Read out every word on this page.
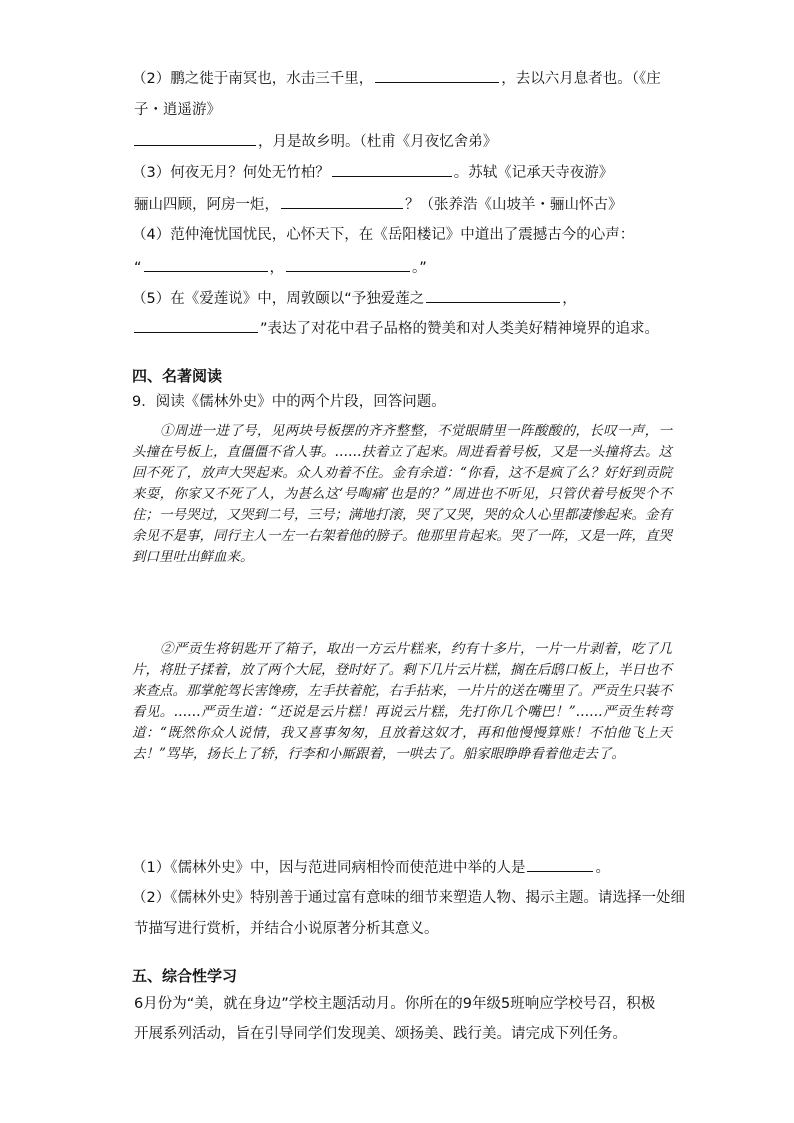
（2）鹏之徙于南冥也，水击三千里，	，去以六月息者也。（《庄
子・逍遥游》
，月是故乡明。（杜甫《月夜忆舍弟》
（3）何夜无月？何处无竹柏？	。苏轼《记承天寺夜游》
骊山四顾，阿房一炬，	？（张养浩《山坡羊・骊山怀古》
（4）范仲淹忧国忧民，心怀天下，在《岳阳楼记》中道出了震撼古今的心声：
“	，	。”
（5）在《爱莲说》中，周敦颐以“予独爱莲之	，
”表达了对花中君子品格的赞美和对人类美好精神境界的追求。
四、名著阅读
9．阅读《儒林外史》中的两个片段，回答问题。

①周进一进了号，见两块号板摆的齐齐整整，不觉眼睛里一阵酸酸的，长叹一声，一头撞在号板上，直僵僵不省人事。……扶着立了起来。周进看着号板，又是一头撞将去。这回不死了，放声大哭起来。众人劝着不住。金有余道：“你看，这不是疯了么？好好到贡院来耍，你家又不死了人，为甚么这‘号啕痛’也是的？”周进也不听见，只管伏着号板哭个不住；一号哭过，又哭到二号，三号；满地打滚，哭了又哭，哭的众人心里都凄惨起来。金有余见不是事，同行主人一左一右架着他的膀子。他那里肯起来。哭了一阵，又是一阵，直哭到口里吐出鲜血来。

②严贡生将钥匙开了箱子，取出一方云片糕来，约有十多片，一片一片剥着，吃了几片，将肚子揉着，放了两个大屁，登时好了。剩下几片云片糕，搁在后鸱口板上，半日也不来查点。那掌舵驾长害馋痨，左手扶着舵，右手拈来，一片片的送在嘴里了。严贡生只装不看见。……严贡生道：“还说是云片糕！再说云片糕，先打你几个嘴巴！”……严贡生转弯道：“既然你众人说情，我又喜事匆匆，且放着这奴才，再和他慢慢算账！不怕他飞上天去！”骂毕，扬长上了轿，行李和小厮跟着，一哄去了。船家眼睁睁看着他走去了。

（1）《儒林外史》中，因与范进同病相怜而使范进中举的人是	。
（2）《儒林外史》特别善于通过富有意味的细节来塑造人物、揭示主题。请选择一处细
节描写进行赏析，并结合小说原著分析其意义。
五、综合性学习
6月份为“美，就在身边”学校主题活动月。你所在的9年级5班响应学校号召，积极
开展系列活动，旨在引导同学们发现美、颂扬美、践行美。请完成下列任务。
